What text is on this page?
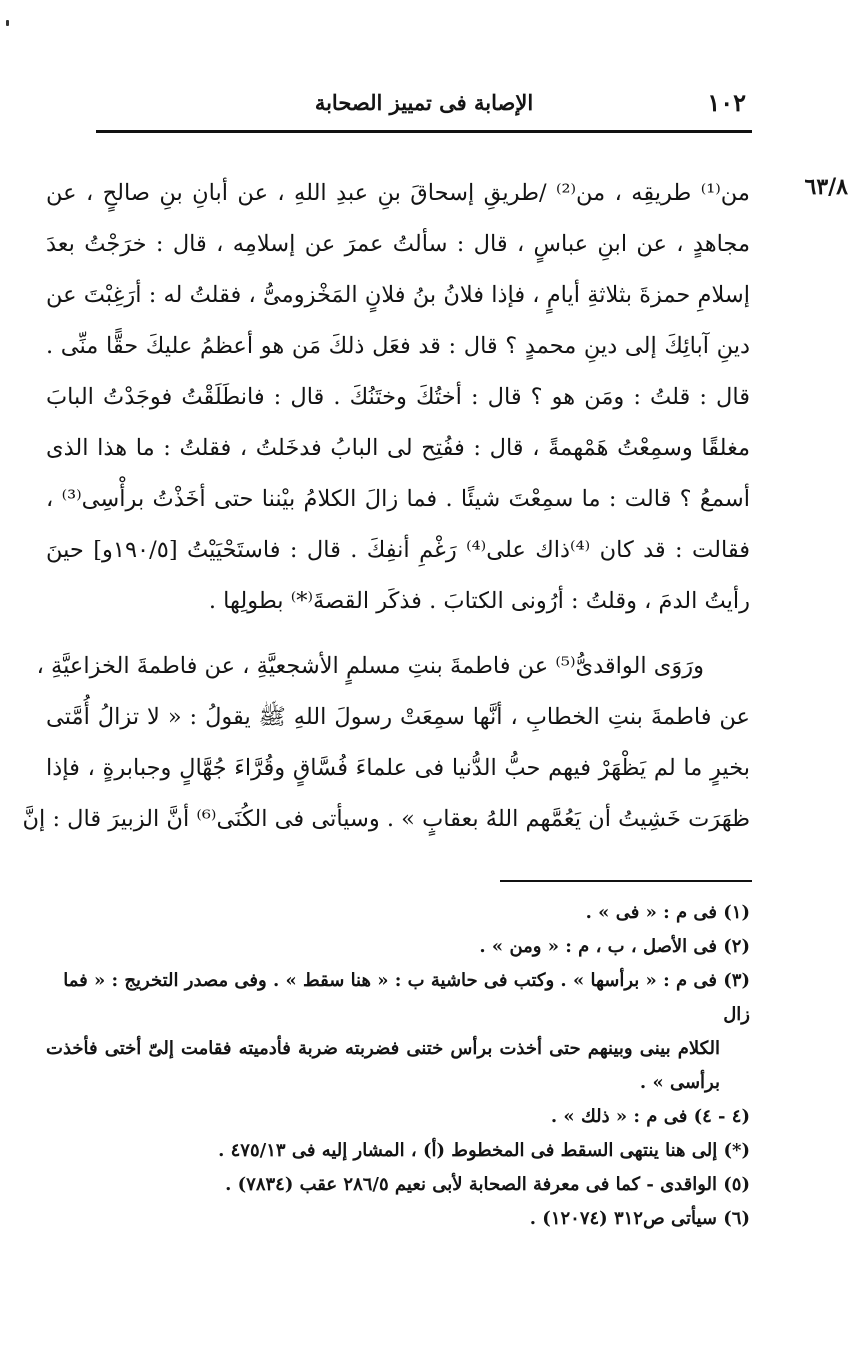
١٠٢
الإصابة فى تمييز الصحابة
٦٣/٨
من⁽¹⁾ طريقِه ، من⁽²⁾ /طريقِ إسحاقَ بنِ عبدِ اللهِ ، عن أبانِ بنِ صالحٍ ، عن
مجاهدٍ ، عن ابنِ عباسٍ ، قال : سألتُ عمرَ عن إسلامِه ، قال : خرَجْتُ بعدَ
إسلامِ حمزةَ بثلاثةِ أيامٍ ، فإذا فلانُ بنُ فلانٍ المَخْزومىُّ ، فقلتُ له : أرَغِبْتَ عن
دينِ آبائِكَ إلى دينِ محمدٍ ؟ قال : قد فعَل ذلكَ مَن هو أعظمُ عليكَ حقًّا منِّى .
قال : قلتُ : ومَن هو ؟ قال : أختُكَ وختَنُكَ . قال : فانطَلَقْتُ فوجَدْتُ البابَ
مغلقًا وسمِعْتُ هَمْهمةً ، قال : ففُتِح لى البابُ فدخَلتُ ، فقلتُ : ما هذا الذى
أسمعُ ؟ قالت : ما سمِعْتَ شيئًا . فما زالَ الكلامُ بيْننا حتى أخَذْتُ برأْسِى⁽³⁾ ،
فقالت : قد كان ⁽⁴⁾ذاك على⁽⁴⁾ رَغْمِ أنفِكَ . قال : فاستَحْيَيْتُ [١٩٠/٥و] حينَ
رأيتُ الدمَ ، وقلتُ : أرُونى الكتابَ . فذكَر القصةَ⁽*⁾ بطولِها .
ورَوَى الواقدىُّ⁽⁵⁾ عن فاطمةَ بنتِ مسلمٍ الأشجعيَّةِ ، عن فاطمةَ الخزاعيَّةِ ،
عن فاطمةَ بنتِ الخطابِ ، أنَّها سمِعَتْ رسولَ اللهِ ﷺ يقولُ : « لا تزالُ أُمَّتى
بخيرٍ ما لم يَظْهَرْ فيهم حبُّ الدُّنيا فى علماءَ فُسَّاقٍ وقُرَّاءَ جُهَّالٍ وجبابرةٍ ، فإذا
ظهَرَت خَشِيتُ أن يَعُمَّهم اللهُ بعقابٍ » . وسيأتى فى الكُنَى⁽⁶⁾ أنَّ الزبيرَ قال : إنَّ
(١) فى م : « فى » .
(٢) فى الأصل ، ب ، م : « ومن » .
(٣) فى م : « برأسها » . وكتب فى حاشية ب : « هنا سقط » . وفى مصدر التخريج : « فما زال
الكلام بينى وبينهم حتى أخذت برأس ختنى فضربته ضربة فأدميته فقامت إلىّ أختى فأخذت
برأسى » .
(٤ - ٤) فى م : « ذلك » .
(*) إلى هنا ينتهى السقط فى المخطوط (أ) ، المشار إليه فى ٤٧٥/١٣ .
(٥) الواقدى - كما فى معرفة الصحابة لأبى نعيم ٢٨٦/٥ عقب (٧٨٣٤) .
(٦) سيأتى ص٣١٢ (١٢٠٧٤) .
